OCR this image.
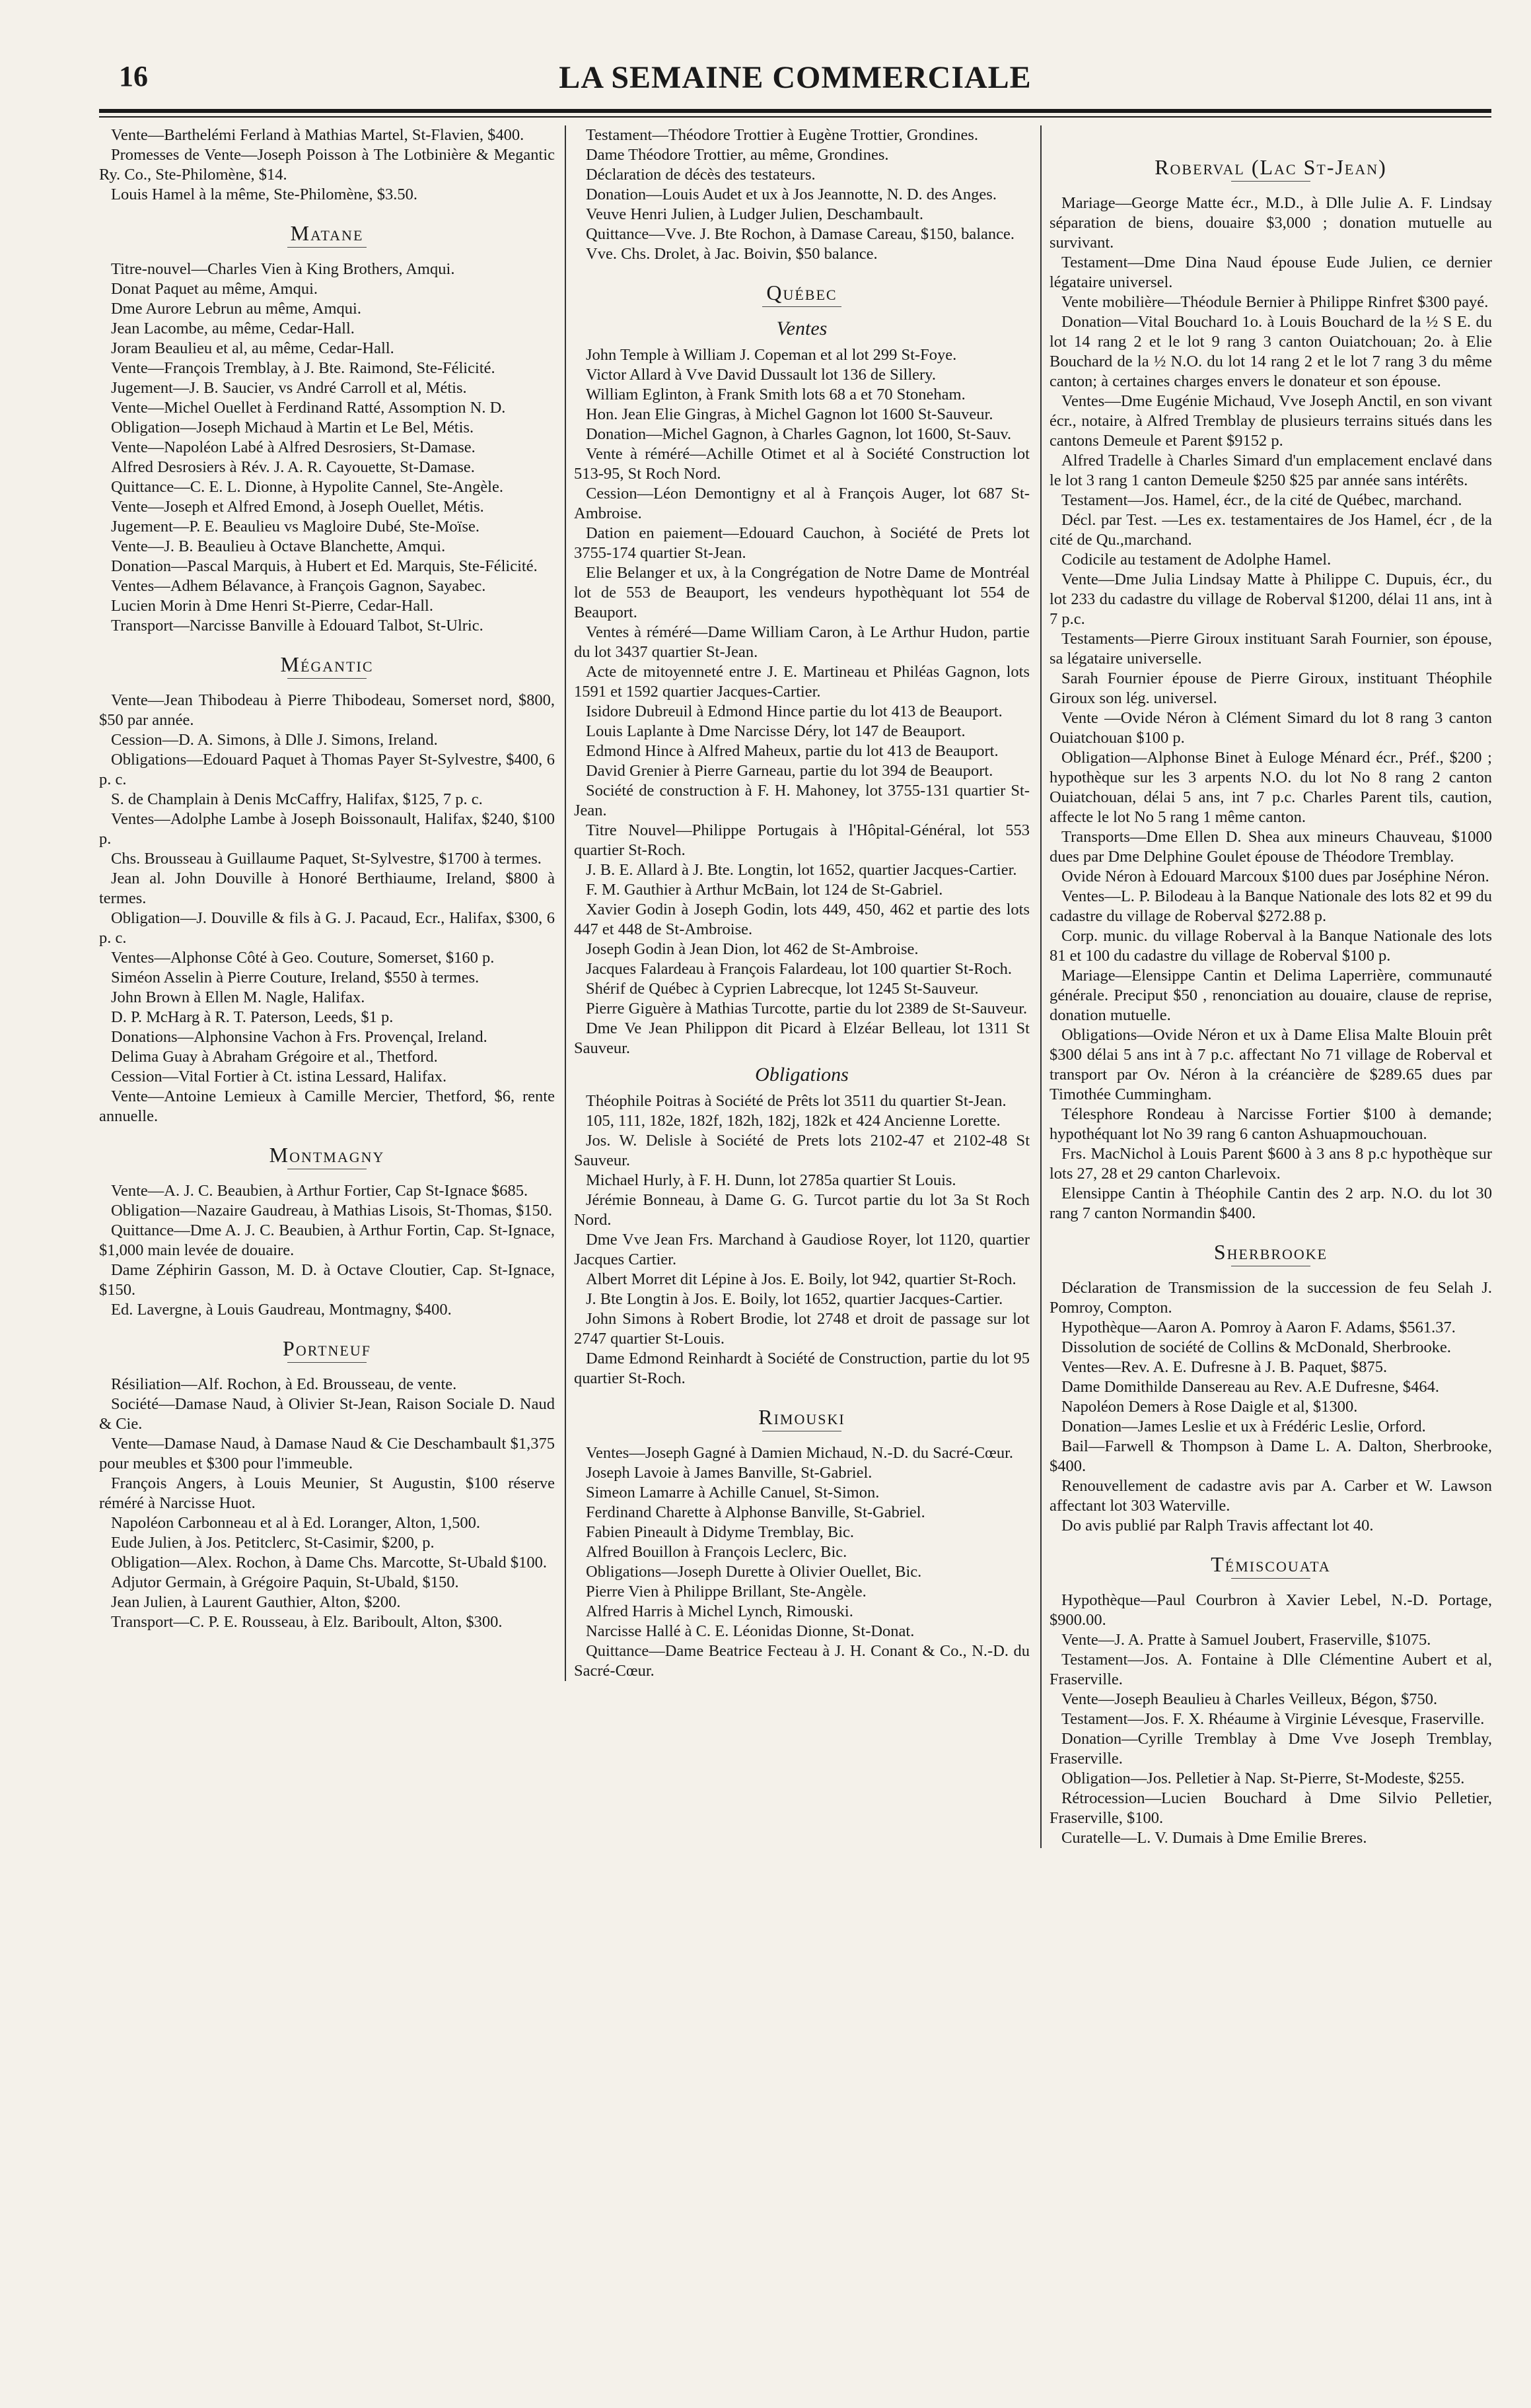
16	LA SEMAINE COMMERCIALE

Vente—Barthelémi Ferland à Mathias Martel, St-Flavien, $400.

Promesses de Vente—Joseph Poisson à The Lotbinière & Megantic Ry. Co., Ste-Philomène, $14.

Louis Hamel à la même, Ste-Philomène, $3.50.

Matane

Titre-nouvel—Charles Vien à King Brothers, Amqui.

Donat Paquet au même, Amqui.

Dme Aurore Lebrun au même, Amqui.

Jean Lacombe, au même, Cedar-Hall.

Joram Beaulieu et al, au même, Cedar-Hall.

Vente—François Tremblay, à J. Bte. Raimond, Ste-Félicité.

Jugement—J. B. Saucier, vs André Carroll et al, Métis.

Vente—Michel Ouellet à Ferdinand Ratté, Assomption N. D.

Obligation—Joseph Michaud à Martin et Le Bel, Métis.

Vente—Napoléon Labé à Alfred Desrosiers, St-Damase.

Alfred Desrosiers à Rév. J. A. R. Cayouette, St-Damase.

Quittance—C. E. L. Dionne, à Hypolite Cannel, Ste-Angèle.

Vente—Joseph et Alfred Emond, à Joseph Ouellet, Métis.

Jugement—P. E. Beaulieu vs Magloire Dubé, Ste-Moïse.

Vente—J. B. Beaulieu à Octave Blanchette, Amqui.

Donation—Pascal Marquis, à Hubert et Ed. Marquis, Ste-Félicité.

Ventes—Adhem Bélavance, à François Gagnon, Sayabec.

Lucien Morin à Dme Henri St-Pierre, Cedar-Hall.

Transport—Narcisse Banville à Edouard Talbot, St-Ulric.

Mégantic

Vente—Jean Thibodeau à Pierre Thibodeau, Somerset nord, $800, $50 par année.

Cession—D. A. Simons, à Dlle J. Simons, Ireland.

Obligations—Edouard Paquet à Thomas Payer St-Sylvestre, $400, 6 p. c.

S. de Champlain à Denis McCaffry, Halifax, $125, 7 p. c.

Ventes—Adolphe Lambe à Joseph Boissonault, Halifax, $240, $100 p.

Chs. Brousseau à Guillaume Paquet, St-Sylvestre, $1700 à termes.

Jean al. John Douville à Honoré Berthiaume, Ireland, $800 à termes.

Obligation—J. Douville & fils à G. J. Pacaud, Ecr., Halifax, $300, 6 p. c.

Ventes—Alphonse Côté à Geo. Couture, Somerset, $160 p.

Siméon Asselin à Pierre Couture, Ireland, $550 à termes.

John Brown à Ellen M. Nagle, Halifax.

D. P. McHarg à R. T. Paterson, Leeds, $1 p.

Donations—Alphonsine Vachon à Frs. Provençal, Ireland.

Delima Guay à Abraham Grégoire et al., Thetford.

Cession—Vital Fortier à Ct. istina Lessard, Halifax.

Vente—Antoine Lemieux à Camille Mercier, Thetford, $6, rente annuelle.

Montmagny

Vente—A. J. C. Beaubien, à Arthur Fortier, Cap St-Ignace $685.

Obligation—Nazaire Gaudreau, à Mathias Lisois, St-Thomas, $150.

Quittance—Dme A. J. C. Beaubien, à Arthur Fortin, Cap. St-Ignace, $1,000 main levée de douaire.

Dame Zéphirin Gasson, M. D. à Octave Cloutier, Cap. St-Ignace, $150.

Ed. Lavergne, à Louis Gaudreau, Montmagny, $400.

Portneuf

Résiliation—Alf. Rochon, à Ed. Brousseau, de vente.

Société—Damase Naud, à Olivier St-Jean, Raison Sociale D. Naud & Cie.

Vente—Damase Naud, à Damase Naud & Cie Deschambault $1,375 pour meubles et $300 pour l'immeuble.

François Angers, à Louis Meunier, St Augustin, $100 réserve réméré à Narcisse Huot.

Napoléon Carbonneau et al à Ed. Loranger, Alton, 1,500.

Eude Julien, à Jos. Petitclerc, St-Casimir, $200, p.

Obligation—Alex. Rochon, à Dame Chs. Marcotte, St-Ubald $100.

Adjutor Germain, à Grégoire Paquin, St-Ubald, $150.

Jean Julien, à Laurent Gauthier, Alton, $200.

Transport—C. P. E. Rousseau, à Elz. Bariboult, Alton, $300.

Testament—Théodore Trottier à Eugène Trottier, Grondines.

Dame Théodore Trottier, au même, Grondines.

Déclaration de décès des testateurs.

Donation—Louis Audet et ux à Jos Jeannotte, N. D. des Anges.

Veuve Henri Julien, à Ludger Julien, Deschambault.

Quittance—Vve. J. Bte Rochon, à Damase Careau, $150, balance.

Vve. Chs. Drolet, à Jac. Boivin, $50 balance.

Québec
Ventes

John Temple à William J. Copeman et al lot 299 St-Foye.

Victor Allard à Vve David Dussault lot 136 de Sillery.

William Eglinton, à Frank Smith lots 68 a et 70 Stoneham.

Hon. Jean Elie Gingras, à Michel Gagnon lot 1600 St-Sauveur.

Donation—Michel Gagnon, à Charles Gagnon, lot 1600, St-Sauv.

Vente à réméré—Achille Otimet et al à Société Construction lot 513-95, St Roch Nord.

Cession—Léon Demontigny et al à François Auger, lot 687 St-Ambroise.

Dation en paiement—Edouard Cauchon, à Société de Prets lot 3755-174 quartier St-Jean.

Elie Belanger et ux, à la Congrégation de Notre Dame de Montréal lot de 553 de Beauport, les vendeurs hypothèquant lot 554 de Beauport.

Ventes à réméré—Dame William Caron, à Le Arthur Hudon, partie du lot 3437 quartier St-Jean.

Acte de mitoyenneté entre J. E. Martineau et Philéas Gagnon, lots 1591 et 1592 quartier Jacques-Cartier.

Isidore Dubreuil à Edmond Hince partie du lot 413 de Beauport.

Louis Laplante à Dme Narcisse Déry, lot 147 de Beauport.

Edmond Hince à Alfred Maheux, partie du lot 413 de Beauport.

David Grenier à Pierre Garneau, partie du lot 394 de Beauport.

Société de construction à F. H. Mahoney, lot 3755-131 quartier St-Jean.

Titre Nouvel—Philippe Portugais à l'Hôpital-Général, lot 553 quartier St-Roch.

J. B. E. Allard à J. Bte. Longtin, lot 1652, quartier Jacques-Cartier.

F. M. Gauthier à Arthur McBain, lot 124 de St-Gabriel.

Xavier Godin à Joseph Godin, lots 449, 450, 462 et partie des lots 447 et 448 de St-Ambroise.

Joseph Godin à Jean Dion, lot 462 de St-Ambroise.

Jacques Falardeau à François Falardeau, lot 100 quartier St-Roch.

Shérif de Québec à Cyprien Labrecque, lot 1245 St-Sauveur.

Pierre Giguère à Mathias Turcotte, partie du lot 2389 de St-Sauveur.

Dme Ve Jean Philippon dit Picard à Elzéar Belleau, lot 1311 St Sauveur.

Obligations

Théophile Poitras à Société de Prêts lot 3511 du quartier St-Jean.

105, 111, 182e, 182f, 182h, 182j, 182k et 424 Ancienne Lorette.

Jos. W. Delisle à Société de Prets lots 2102-47 et 2102-48 St Sauveur.

Michael Hurly, à F. H. Dunn, lot 2785a quartier St Louis.

Jérémie Bonneau, à Dame G. G. Turcot partie du lot 3a St Roch Nord.

Dme Vve Jean Frs. Marchand à Gaudiose Royer, lot 1120, quartier Jacques Cartier.

Albert Morret dit Lépine à Jos. E. Boily, lot 942, quartier St-Roch.

J. Bte Longtin à Jos. E. Boily, lot 1652, quartier Jacques-Cartier.

John Simons à Robert Brodie, lot 2748 et droit de passage sur lot 2747 quartier St-Louis.

Dame Edmond Reinhardt à Société de Construction, partie du lot 95 quartier St-Roch.

Rimouski

Ventes—Joseph Gagné à Damien Michaud, N.-D. du Sacré-Cœur.

Joseph Lavoie à James Banville, St-Gabriel.

Simeon Lamarre à Achille Canuel, St-Simon.

Ferdinand Charette à Alphonse Banville, St-Gabriel.

Fabien Pineault à Didyme Tremblay, Bic.

Alfred Bouillon à François Leclerc, Bic.

Obligations—Joseph Durette à Olivier Ouellet, Bic.

Pierre Vien à Philippe Brillant, Ste-Angèle.

Alfred Harris à Michel Lynch, Rimouski.

Narcisse Hallé à C. E. Léonidas Dionne, St-Donat.

Quittance—Dame Beatrice Fecteau à J. H. Conant & Co., N.-D. du Sacré-Cœur.

Roberval (Lac St-Jean)

Mariage—George Matte écr., M.D., à Dlle Julie A. F. Lindsay séparation de biens, douaire $3,000 ; donation mutuelle au survivant.

Testament—Dme Dina Naud épouse Eude Julien, ce dernier légataire universel.

Vente mobilière—Théodule Bernier à Philippe Rinfret $300 payé.

Donation—Vital Bouchard 1o. à Louis Bouchard de la ½ S E. du lot 14 rang 2 et le lot 9 rang 3 canton Ouiatchouan; 2o. à Elie Bouchard de la ½ N.O. du lot 14 rang 2 et le lot 7 rang 3 du même canton; à certaines charges envers le donateur et son épouse.

Ventes—Dme Eugénie Michaud, Vve Joseph Anctil, en son vivant écr., notaire, à Alfred Tremblay de plusieurs terrains situés dans les cantons Demeule et Parent $9152 p.

Alfred Tradelle à Charles Simard d'un emplacement enclavé dans le lot 3 rang 1 canton Demeule $250 $25 par année sans intérêts.

Testament—Jos. Hamel, écr., de la cité de Québec, marchand.

Décl. par Test. —Les ex. testamentaires de Jos Hamel, écr , de la cité de Qu.,marchand.

Codicile au testament de Adolphe Hamel.

Vente—Dme Julia Lindsay Matte à Philippe C. Dupuis, écr., du lot 233 du cadastre du village de Roberval $1200, délai 11 ans, int à 7 p.c.

Testaments—Pierre Giroux instituant Sarah Fournier, son épouse, sa légataire universelle.

Sarah Fournier épouse de Pierre Giroux, instituant Théophile Giroux son lég. universel.

Vente —Ovide Néron à Clément Simard du lot 8 rang 3 canton Ouiatchouan $100 p.

Obligation—Alphonse Binet à Euloge Ménard écr., Préf., $200 ; hypothèque sur les 3 arpents N.O. du lot No 8 rang 2 canton Ouiatchouan, délai 5 ans, int 7 p.c. Charles Parent tils, caution, affecte le lot No 5 rang 1 même canton.

Transports—Dme Ellen D. Shea aux mineurs Chauveau, $1000 dues par Dme Delphine Goulet épouse de Théodore Tremblay.

Ovide Néron à Edouard Marcoux $100 dues par Joséphine Néron.

Ventes—L. P. Bilodeau à la Banque Nationale des lots 82 et 99 du cadastre du village de Roberval $272.88 p.

Corp. munic. du village Roberval à la Banque Nationale des lots 81 et 100 du cadastre du village de Roberval $100 p.

Mariage—Elensippe Cantin et Delima Laperrière, communauté générale. Preciput $50 , renonciation au douaire, clause de reprise, donation mutuelle.

Obligations—Ovide Néron et ux à Dame Elisa Malte Blouin prêt $300 délai 5 ans int à 7 p.c. affectant No 71 village de Roberval et transport par Ov. Néron à la créancière de $289.65 dues par Timothée Cummingham.

Télesphore Rondeau à Narcisse Fortier $100 à demande; hypothéquant lot No 39 rang 6 canton Ashuapmouchouan.

Frs. MacNichol à Louis Parent $600 à 3 ans 8 p.c hypothèque sur lots 27, 28 et 29 canton Charlevoix.

Elensippe Cantin à Théophile Cantin des 2 arp. N.O. du lot 30 rang 7 canton Normandin $400.

Sherbrooke

Déclaration de Transmission de la succession de feu Selah J. Pomroy, Compton.

Hypothèque—Aaron A. Pomroy à Aaron F. Adams, $561.37.

Dissolution de société de Collins & McDonald, Sherbrooke.

Ventes—Rev. A. E. Dufresne à J. B. Paquet, $875.

Dame Domithilde Dansereau au Rev. A.E Dufresne, $464.

Napoléon Demers à Rose Daigle et al, $1300.

Donation—James Leslie et ux à Frédéric Leslie, Orford.

Bail—Farwell & Thompson à Dame L. A. Dalton, Sherbrooke, $400.

Renouvellement de cadastre avis par A. Carber et W. Lawson affectant lot 303 Waterville.

Do avis publié par Ralph Travis affectant lot 40.

Témiscouata

Hypothèque—Paul Courbron à Xavier Lebel, N.-D. Portage, $900.00.

Vente—J. A. Pratte à Samuel Joubert, Fraserville, $1075.

Testament—Jos. A. Fontaine à Dlle Clémentine Aubert et al, Fraserville.

Vente—Joseph Beaulieu à Charles Veilleux, Bégon, $750.

Testament—Jos. F. X. Rhéaume à Virginie Lévesque, Fraserville.

Donation—Cyrille Tremblay à Dme Vve Joseph Tremblay, Fraserville.

Obligation—Jos. Pelletier à Nap. St-Pierre, St-Modeste, $255.

Rétrocession—Lucien Bouchard à Dme Silvio Pelletier, Fraserville, $100.

Curatelle—L. V. Dumais à Dme Emilie Breres.
